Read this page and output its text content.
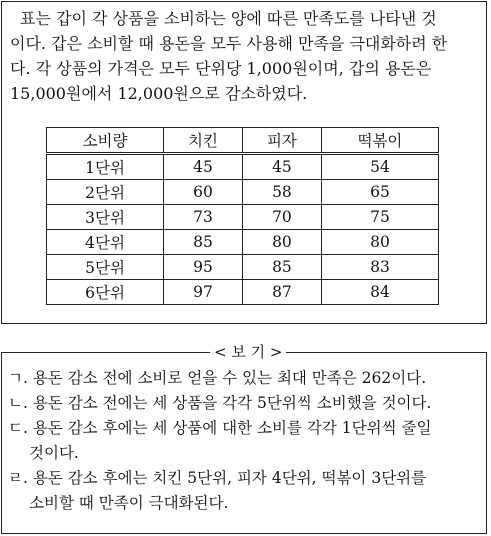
표는 갑이 각 상품을 소비하는 양에 따른 만족도를 나타낸 것
이다. 갑은 소비할 때 용돈을 모두 사용해 만족을 극대화하려 한
다. 각 상품의 가격은 모두 단위당 1,000원이며, 갑의 용돈은
15,000원에서 12,000원으로 감소하였다.

소비량	치킨	피자	떡볶이
1단위	45	45	54
2단위	60	58	65
3단위	73	70	75
4단위	85	80	80
5단위	95	85	83
6단위	97	87	84
< 보 기 >
ㄱ. 용돈 감소 전에 소비로 얻을 수 있는 최대 만족은 262이다.
ㄴ. 용돈 감소 전에는 세 상품을 각각 5단위씩 소비했을 것이다.
ㄷ. 용돈 감소 후에는 세 상품에 대한 소비를 각각 1단위씩 줄일
것이다.
ㄹ. 용돈 감소 후에는 치킨 5단위, 피자 4단위, 떡볶이 3단위를
소비할 때 만족이 극대화된다.
